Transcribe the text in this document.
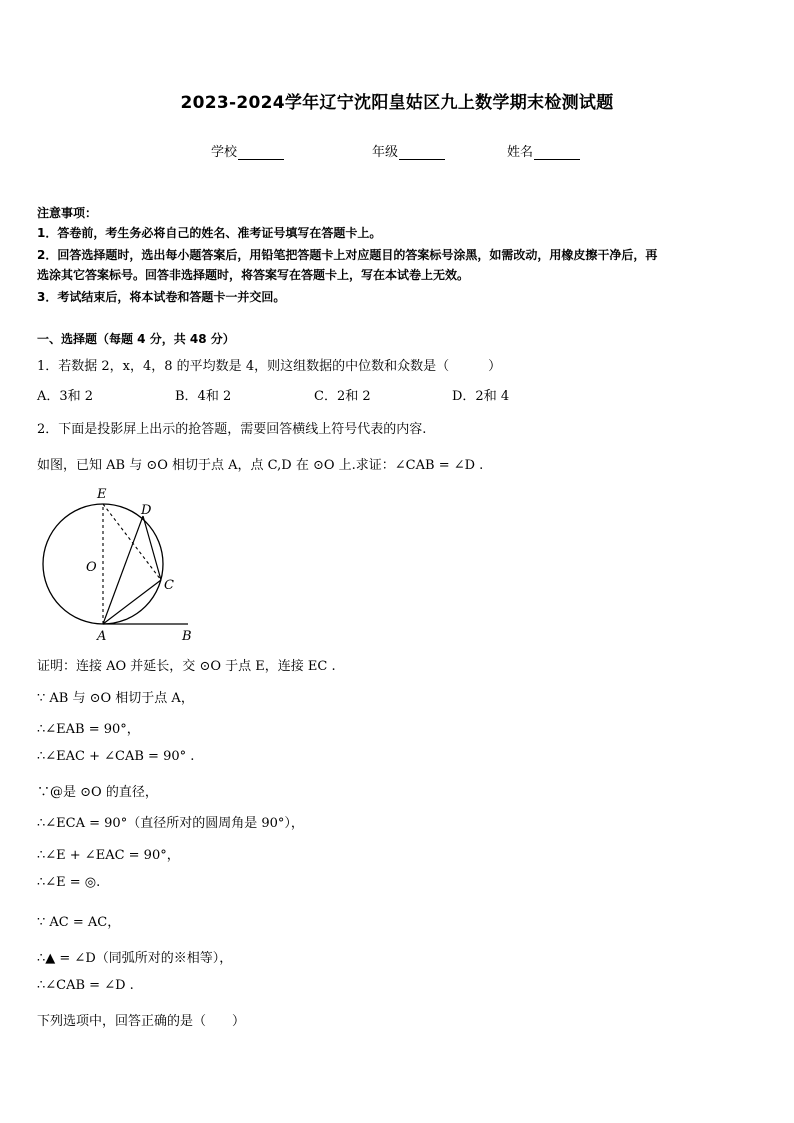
2023-2024学年辽宁沈阳皇姑区九上数学期末检测试题
学校	年级	姓名
注意事项：
1．答卷前，考生务必将自己的姓名、准考证号填写在答题卡上。
2．回答选择题时，选出每小题答案后，用铅笔把答题卡上对应题目的答案标号涂黑，如需改动，用橡皮擦干净后，再
选涂其它答案标号。回答非选择题时，将答案写在答题卡上，写在本试卷上无效。
3．考试结束后，将本试卷和答题卡一并交回。
一、选择题（每题 4 分，共 48 分）
1．若数据 2，x，4，8 的平均数是 4，则这组数据的中位数和众数是（　　　）
A．3和 2	B．4和 2	C．2和 2	D．2和 4
2．下面是投影屏上出示的抢答题，需要回答横线上符号代表的内容.
如图，已知 AB 与 ⊙O 相切于点 A，点 C,D 在 ⊙O 上.求证：∠CAB = ∠D .
E
D
O
C
A	B
证明：连接 AO 并延长，交 ⊙O 于点 E，连接 EC .
∵ AB 与 ⊙O 相切于点 A，
∴∠EAB = 90°，
∴∠EAC + ∠CAB = 90° .
∵@是 ⊙O 的直径，
∴∠ECA = 90°（直径所对的圆周角是 90°），
∴∠E + ∠EAC = 90°，
∴∠E = ◎.
∵ AC = AC，
∴▲ = ∠D（同弧所对的※相等），
∴∠CAB = ∠D .
下列选项中，回答正确的是（　　）
